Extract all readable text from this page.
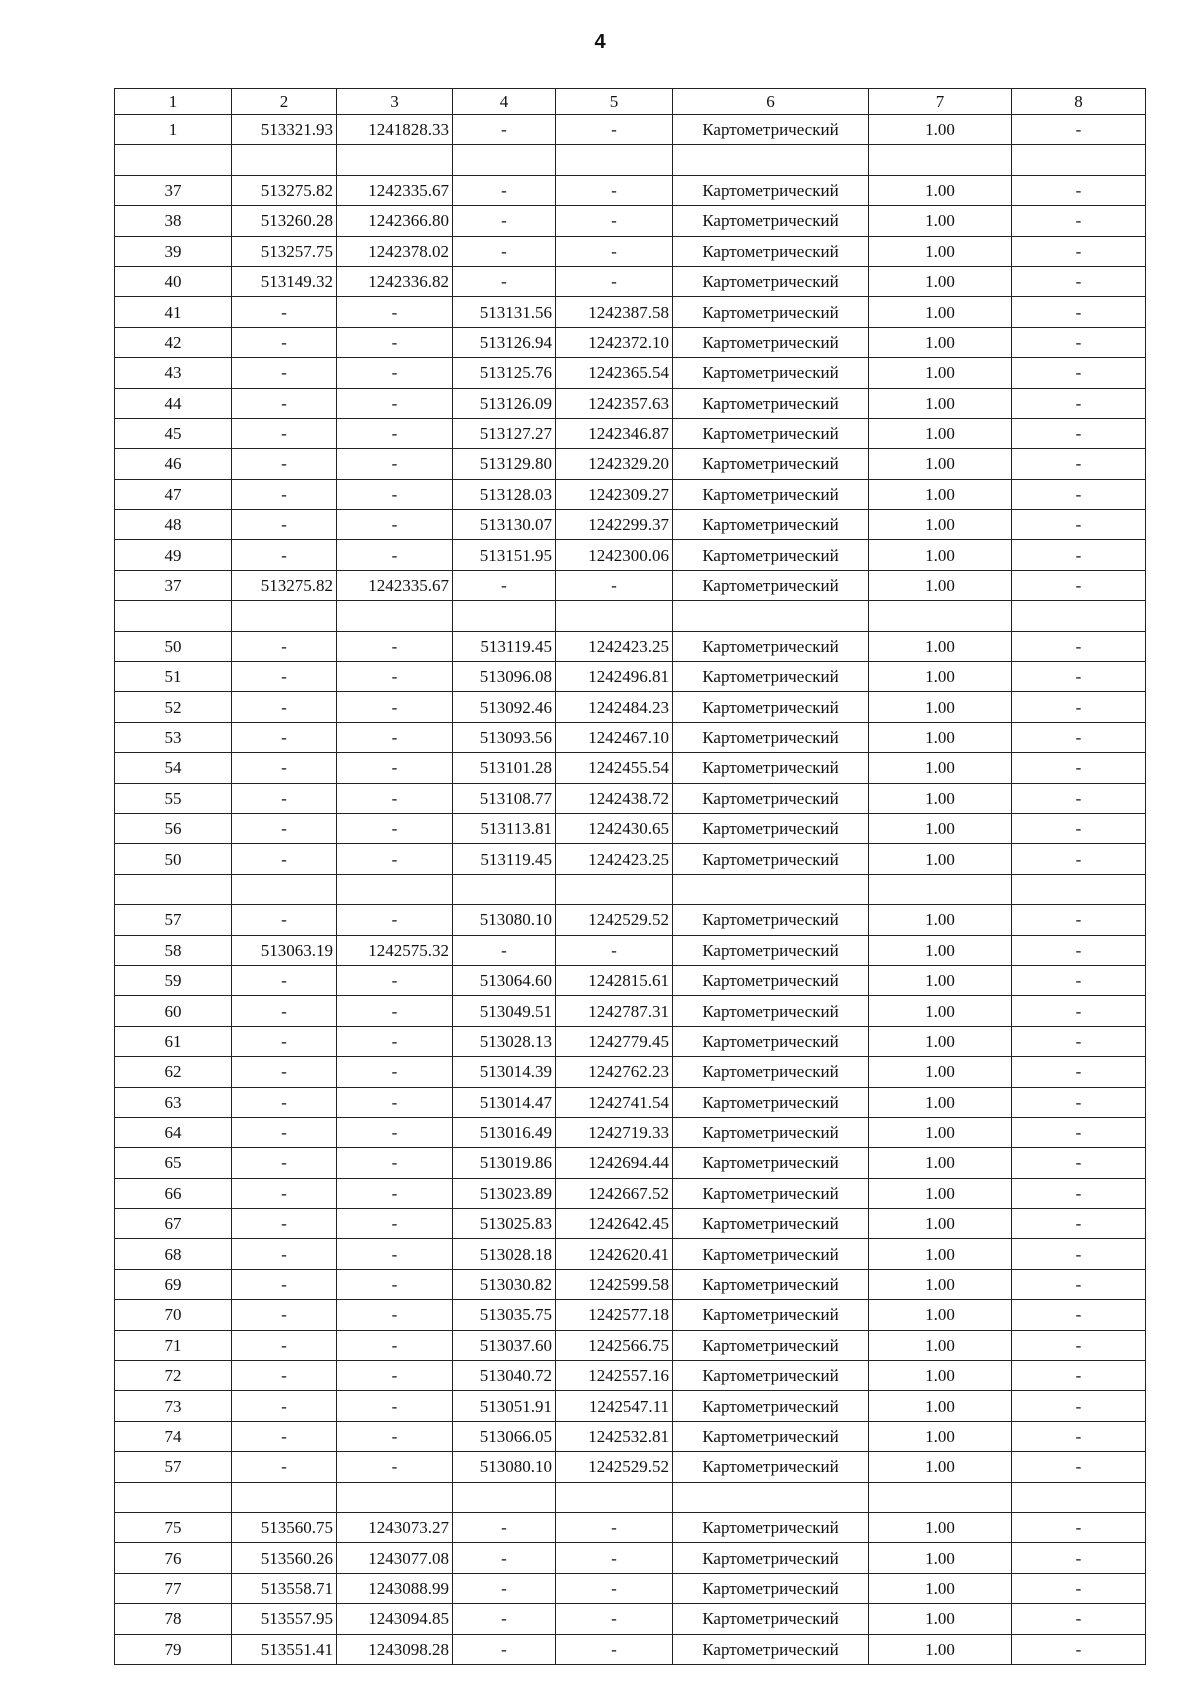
4
1	2	3	4	5	6	7	8
1	513321.93	1241828.33	-	-	Картометрический	1.00	-

37	513275.82	1242335.67	-	-	Картометрический	1.00	-
38	513260.28	1242366.80	-	-	Картометрический	1.00	-
39	513257.75	1242378.02	-	-	Картометрический	1.00	-
40	513149.32	1242336.82	-	-	Картометрический	1.00	-
41	-	-	513131.56	1242387.58	Картометрический	1.00	-
42	-	-	513126.94	1242372.10	Картометрический	1.00	-
43	-	-	513125.76	1242365.54	Картометрический	1.00	-
44	-	-	513126.09	1242357.63	Картометрический	1.00	-
45	-	-	513127.27	1242346.87	Картометрический	1.00	-
46	-	-	513129.80	1242329.20	Картометрический	1.00	-
47	-	-	513128.03	1242309.27	Картометрический	1.00	-
48	-	-	513130.07	1242299.37	Картометрический	1.00	-
49	-	-	513151.95	1242300.06	Картометрический	1.00	-
37	513275.82	1242335.67	-	-	Картометрический	1.00	-

50	-	-	513119.45	1242423.25	Картометрический	1.00	-
51	-	-	513096.08	1242496.81	Картометрический	1.00	-
52	-	-	513092.46	1242484.23	Картометрический	1.00	-
53	-	-	513093.56	1242467.10	Картометрический	1.00	-
54	-	-	513101.28	1242455.54	Картометрический	1.00	-
55	-	-	513108.77	1242438.72	Картометрический	1.00	-
56	-	-	513113.81	1242430.65	Картометрический	1.00	-
50	-	-	513119.45	1242423.25	Картометрический	1.00	-

57	-	-	513080.10	1242529.52	Картометрический	1.00	-
58	513063.19	1242575.32	-	-	Картометрический	1.00	-
59	-	-	513064.60	1242815.61	Картометрический	1.00	-
60	-	-	513049.51	1242787.31	Картометрический	1.00	-
61	-	-	513028.13	1242779.45	Картометрический	1.00	-
62	-	-	513014.39	1242762.23	Картометрический	1.00	-
63	-	-	513014.47	1242741.54	Картометрический	1.00	-
64	-	-	513016.49	1242719.33	Картометрический	1.00	-
65	-	-	513019.86	1242694.44	Картометрический	1.00	-
66	-	-	513023.89	1242667.52	Картометрический	1.00	-
67	-	-	513025.83	1242642.45	Картометрический	1.00	-
68	-	-	513028.18	1242620.41	Картометрический	1.00	-
69	-	-	513030.82	1242599.58	Картометрический	1.00	-
70	-	-	513035.75	1242577.18	Картометрический	1.00	-
71	-	-	513037.60	1242566.75	Картометрический	1.00	-
72	-	-	513040.72	1242557.16	Картометрический	1.00	-
73	-	-	513051.91	1242547.11	Картометрический	1.00	-
74	-	-	513066.05	1242532.81	Картометрический	1.00	-
57	-	-	513080.10	1242529.52	Картометрический	1.00	-

75	513560.75	1243073.27	-	-	Картометрический	1.00	-
76	513560.26	1243077.08	-	-	Картометрический	1.00	-
77	513558.71	1243088.99	-	-	Картометрический	1.00	-
78	513557.95	1243094.85	-	-	Картометрический	1.00	-
79	513551.41	1243098.28	-	-	Картометрический	1.00	-
